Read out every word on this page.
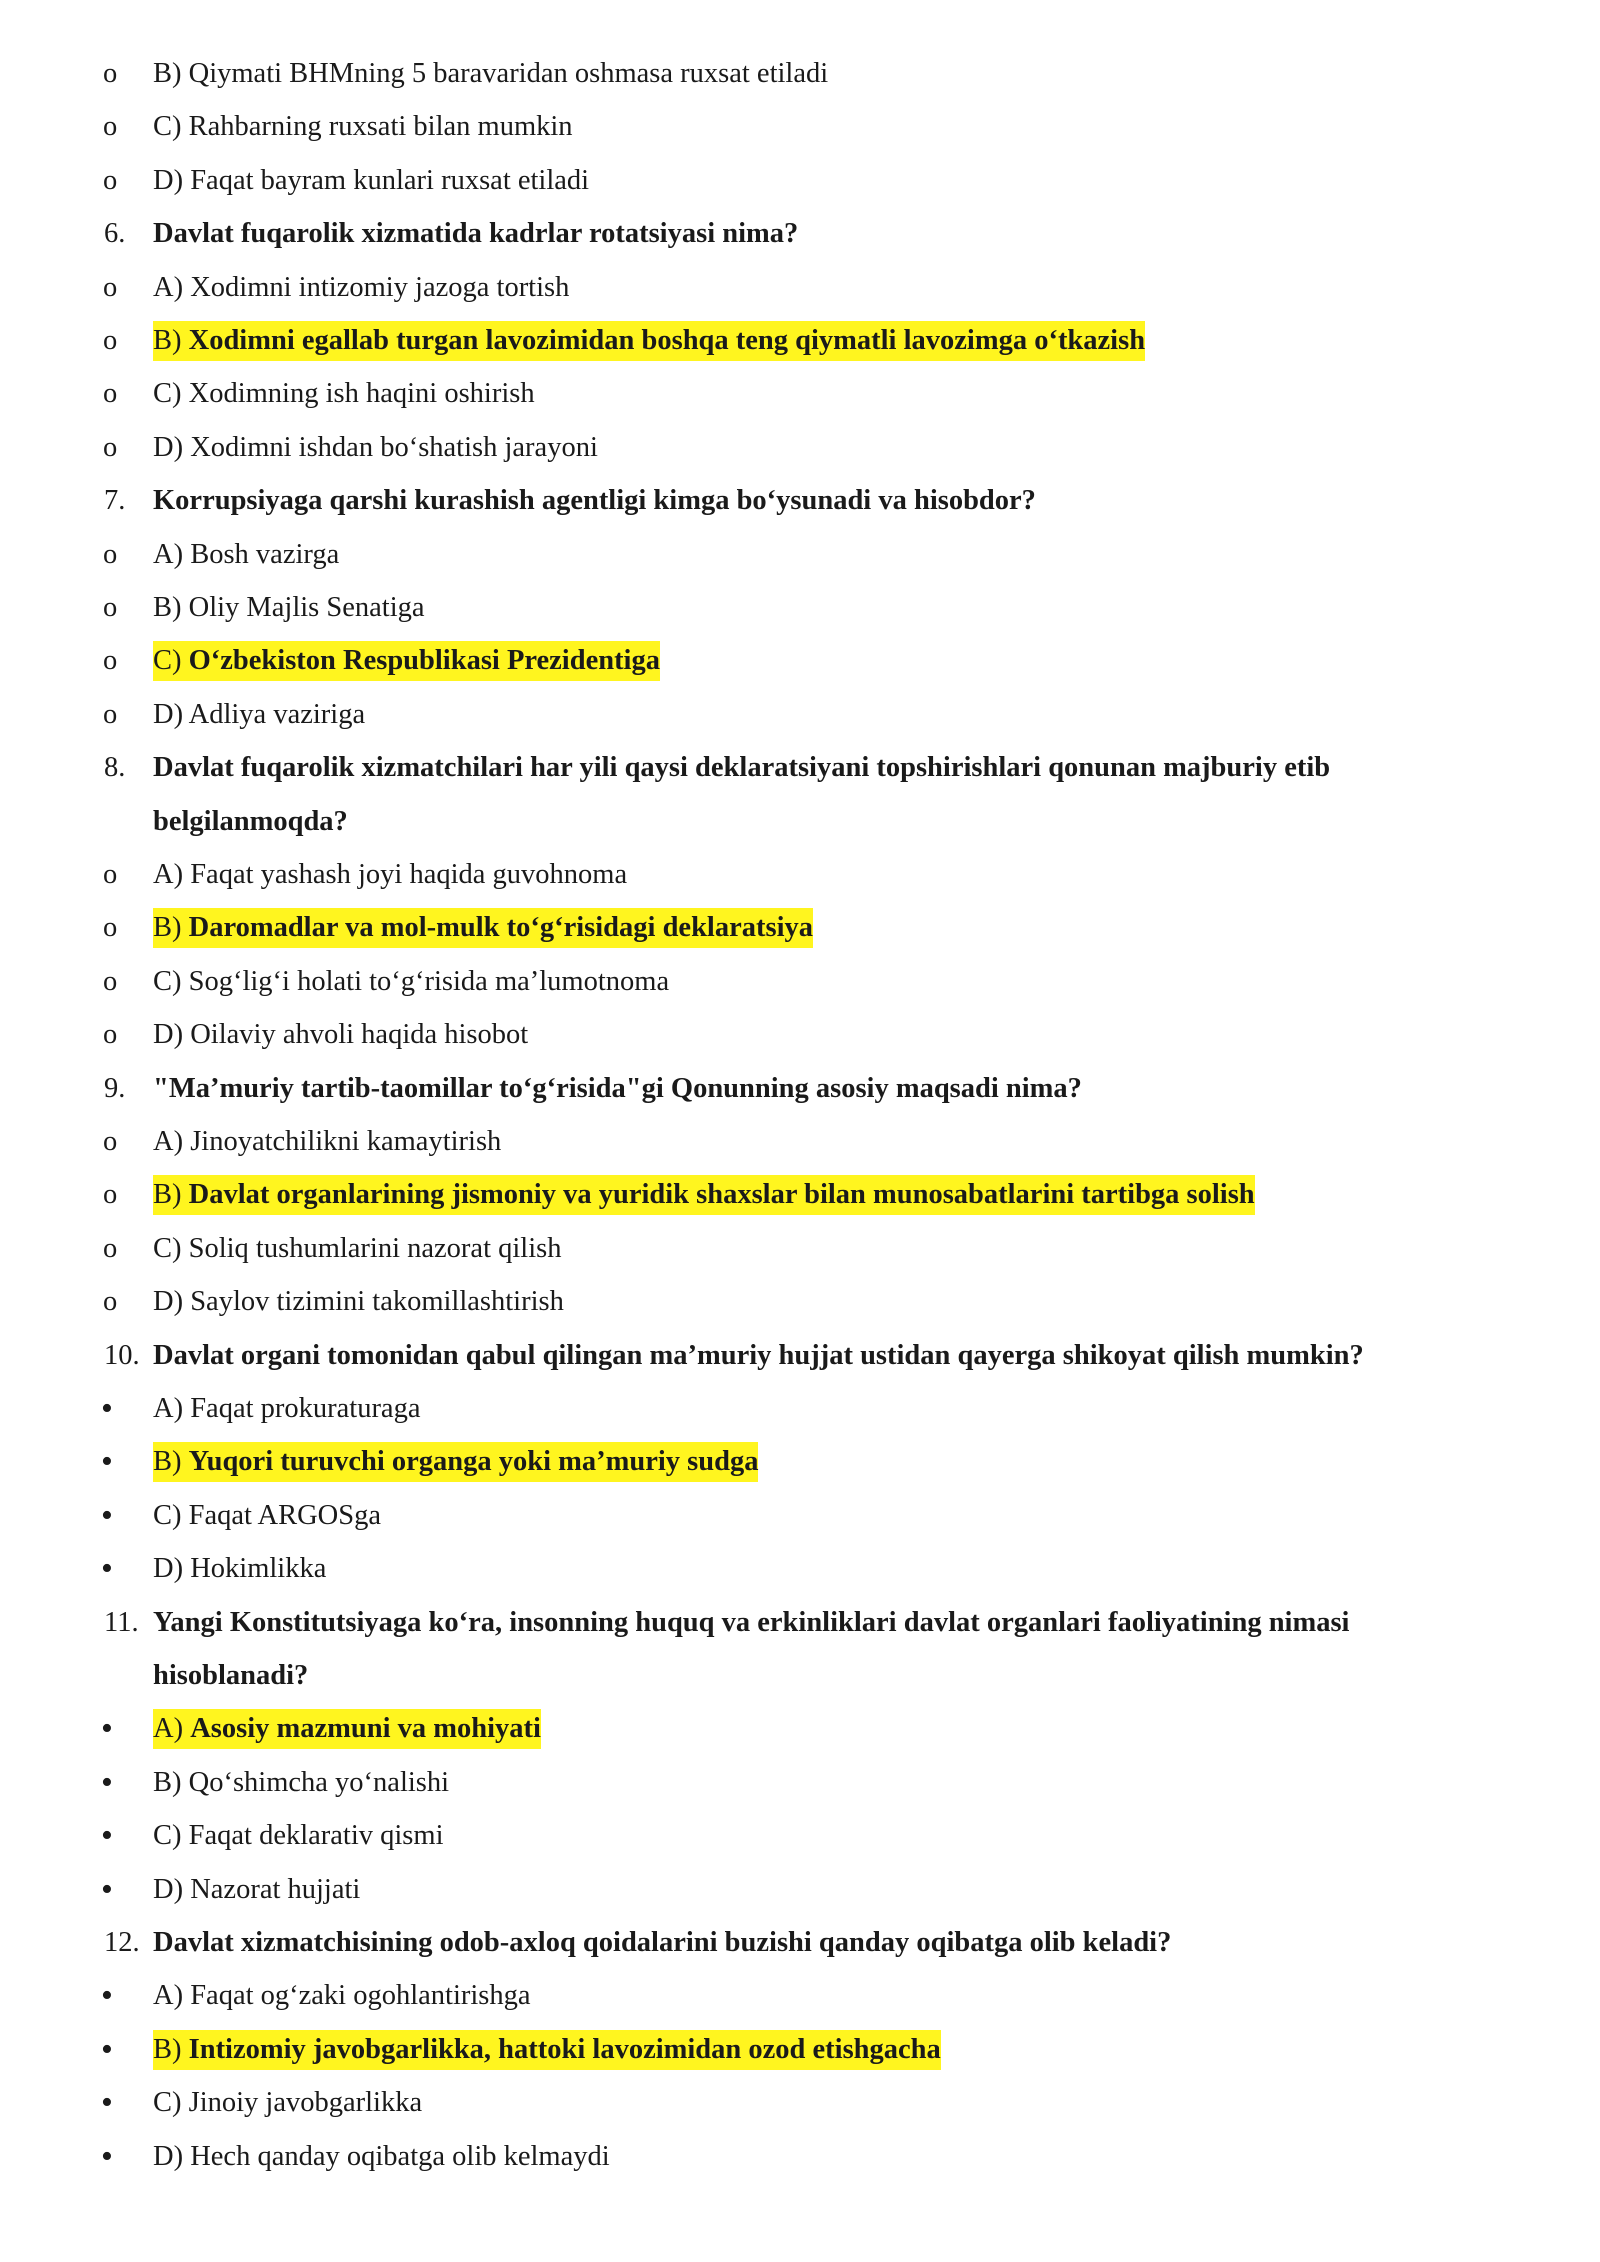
o	B) Qiymati BHMning 5 baravaridan oshmasa ruxsat etiladi
o	C) Rahbarning ruxsati bilan mumkin
o	D) Faqat bayram kunlari ruxsat etiladi
6. Davlat fuqarolik xizmatida kadrlar rotatsiyasi nima?
o	A) Xodimni intizomiy jazoga tortish
o	B) Xodimni egallab turgan lavozimidan boshqa teng qiymatli lavozimga o‘tkazish
o	C) Xodimning ish haqini oshirish
o	D) Xodimni ishdan bo‘shatish jarayoni
7. Korrupsiyaga qarshi kurashish agentligi kimga bo‘ysunadi va hisobdor?
o	A) Bosh vazirga
o	B) Oliy Majlis Senatiga
o	C) O‘zbekiston Respublikasi Prezidentiga
o	D) Adliya vaziriga
8. Davlat fuqarolik xizmatchilari har yili qaysi deklaratsiyani topshirishlari qonunan majburiy etib
belgilanmoqda?
o	A) Faqat yashash joyi haqida guvohnoma
o	B) Daromadlar va mol-mulk to‘g‘risidagi deklaratsiya
o	C) Sog‘lig‘i holati to‘g‘risida ma’lumotnoma
o	D) Oilaviy ahvoli haqida hisobot
9. "Ma’muriy tartib-taomillar to‘g‘risida"gi Qonunning asosiy maqsadi nima?
o	A) Jinoyatchilikni kamaytirish
o	B) Davlat organlarining jismoniy va yuridik shaxslar bilan munosabatlarini tartibga solish
o	C) Soliq tushumlarini nazorat qilish
o	D) Saylov tizimini takomillashtirish
10. Davlat organi tomonidan qabul qilingan ma’muriy hujjat ustidan qayerga shikoyat qilish mumkin?
•	A) Faqat prokuraturaga
•	B) Yuqori turuvchi organga yoki ma’muriy sudga
•	C) Faqat ARGOSga
•	D) Hokimlikka
11. Yangi Konstitutsiyaga ko‘ra, insonning huquq va erkinliklari davlat organlari faoliyatining nimasi
hisoblanadi?
•	A) Asosiy mazmuni va mohiyati
•	B) Qo‘shimcha yo‘nalishi
•	C) Faqat deklarativ qismi
•	D) Nazorat hujjati
12. Davlat xizmatchisining odob-axloq qoidalarini buzishi qanday oqibatga olib keladi?
•	A) Faqat og‘zaki ogohlantirishga
•	B) Intizomiy javobgarlikka, hattoki lavozimidan ozod etishgacha
•	C) Jinoiy javobgarlikka
•	D) Hech qanday oqibatga olib kelmaydi
